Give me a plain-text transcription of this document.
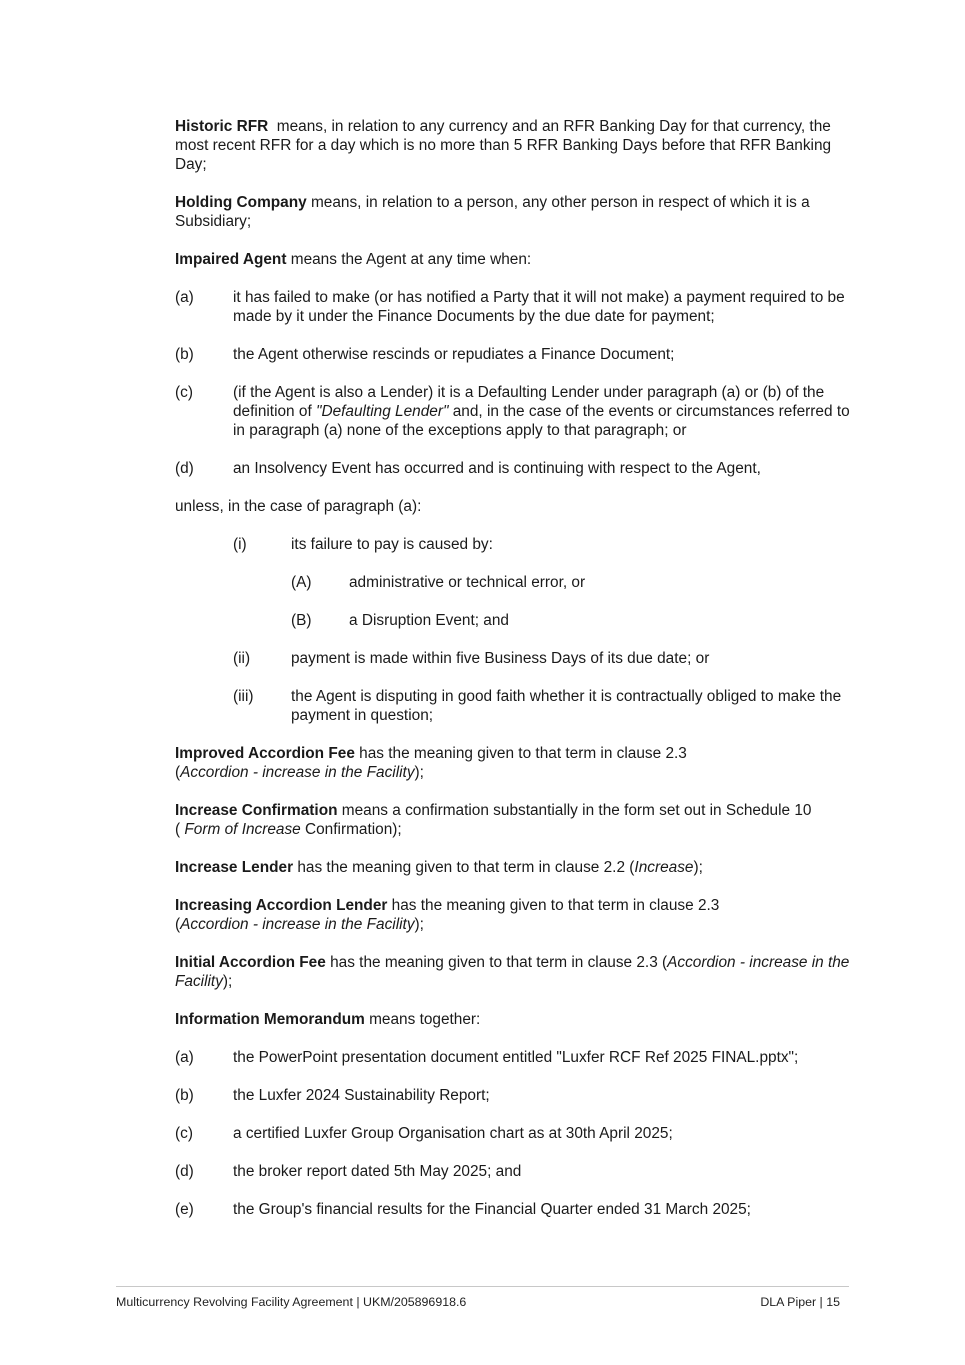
Historic RFR  means, in relation to any currency and an RFR Banking Day for that currency, the most recent RFR for a day which is no more than 5 RFR Banking Days before that RFR Banking Day;

Holding Company means, in relation to a person, any other person in respect of which it is a Subsidiary;

Impaired Agent means the Agent at any time when:

(a)	it has failed to make (or has notified a Party that it will not make) a payment required to be made by it under the Finance Documents by the due date for payment;
(b)	the Agent otherwise rescinds or repudiates a Finance Document;
(c)	(if the Agent is also a Lender) it is a Defaulting Lender under paragraph (a) or (b) of the definition of "Defaulting Lender" and, in the case of the events or circumstances referred to in paragraph (a) none of the exceptions apply to that paragraph; or
(d)	an Insolvency Event has occurred and is continuing with respect to the Agent,

unless, in the case of paragraph (a):

(i)	its failure to pay is caused by:
(A)	administrative or technical error, or
(B)	a Disruption Event; and
(ii)	payment is made within five Business Days of its due date; or
(iii)	the Agent is disputing in good faith whether it is contractually obliged to make the payment in question;

Improved Accordion Fee has the meaning given to that term in clause 2.3
(Accordion - increase in the Facility);

Increase Confirmation means a confirmation substantially in the form set out in Schedule 10
( Form of Increase Confirmation);

Increase Lender has the meaning given to that term in clause 2.2 (Increase);

Increasing Accordion Lender has the meaning given to that term in clause 2.3
(Accordion - increase in the Facility);

Initial Accordion Fee has the meaning given to that term in clause 2.3 (Accordion - increase in the Facility);

Information Memorandum means together:

(a)	the PowerPoint presentation document entitled "Luxfer RCF Ref 2025 FINAL.pptx";
(b)	the Luxfer 2024 Sustainability Report;
(c)	a certified Luxfer Group Organisation chart as at 30th April 2025;
(d)	the broker report dated 5th May 2025; and
(e)	the Group's financial results for the Financial Quarter ended 31 March 2025;
Multicurrency Revolving Facility Agreement | UKM/205896918.6	DLA Piper | 15
